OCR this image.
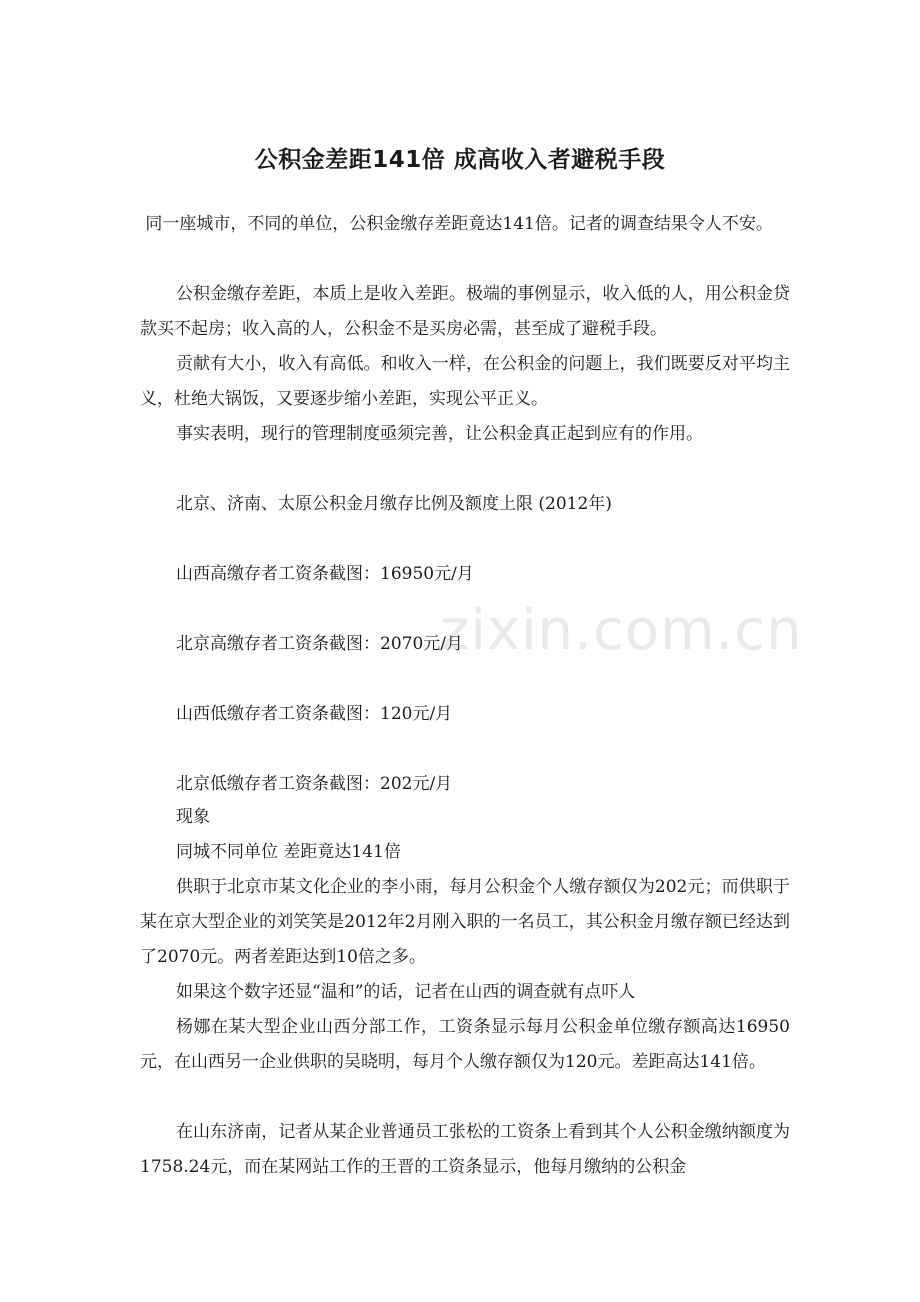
公积金差距141倍 成高收入者避税手段
同一座城市，不同的单位，公积金缴存差距竟达141倍。记者的调查结果令人不安。
公积金缴存差距，本质上是收入差距。极端的事例显示，收入低的人，用公积金贷款买不起房；收入高的人，公积金不是买房必需，甚至成了避税手段。
贡献有大小，收入有高低。和收入一样，在公积金的问题上，我们既要反对平均主义，杜绝大锅饭，又要逐步缩小差距，实现公平正义。
事实表明，现行的管理制度亟须完善，让公积金真正起到应有的作用。
北京、济南、太原公积金月缴存比例及额度上限 (2012年)
山西高缴存者工资条截图：16950元/月
北京高缴存者工资条截图：2070元/月
山西低缴存者工资条截图：120元/月
北京低缴存者工资条截图：202元/月
现象
同城不同单位 差距竟达141倍
供职于北京市某文化企业的李小雨，每月公积金个人缴存额仅为202元；而供职于某在京大型企业的刘笑笑是2012年2月刚入职的一名员工，其公积金月缴存额已经达到了2070元。两者差距达到10倍之多。
如果这个数字还显“温和”的话，记者在山西的调查就有点吓人
杨娜在某大型企业山西分部工作，工资条显示每月公积金单位缴存额高达16950元，在山西另一企业供职的吴晓明，每月个人缴存额仅为120元。差距高达141倍。
在山东济南，记者从某企业普通员工张松的工资条上看到其个人公积金缴纳额度为1758.24元，而在某网站工作的王晋的工资条显示，他每月缴纳的公积金
zixin.com.cn
